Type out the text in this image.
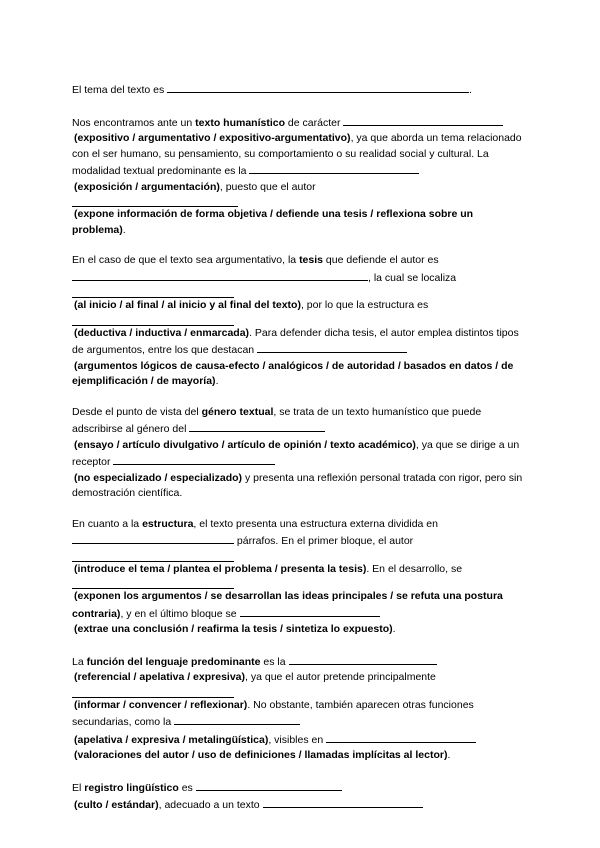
El tema del texto es	.

Nos encontramos ante un texto humanístico de carácter
(expositivo / argumentativo / expositivo-argumentativo), ya que aborda un tema relacionado con el ser humano, su pensamiento, su comportamiento o su realidad social y cultural. La modalidad textual predominante es la
(exposición / argumentación), puesto que el autor
(expone información de forma objetiva / defiende una tesis / reflexiona sobre un problema).

En el caso de que el texto sea argumentativo, la tesis que defiende el autor es
, la cual se localiza
(al inicio / al final / al inicio y al final del texto), por lo que la estructura es
(deductiva / inductiva / enmarcada). Para defender dicha tesis, el autor emplea distintos tipos de argumentos, entre los que destacan
(argumentos lógicos de causa-efecto / analógicos / de autoridad / basados en datos / de ejemplificación / de mayoría).

Desde el punto de vista del género textual, se trata de un texto humanístico que puede adscribirse al género del
(ensayo / artículo divulgativo / artículo de opinión / texto académico), ya que se dirige a un receptor
(no especializado / especializado) y presenta una reflexión personal tratada con rigor, pero sin demostración científica.

En cuanto a la estructura, el texto presenta una estructura externa dividida en
párrafos. En el primer bloque, el autor
(introduce el tema / plantea el problema / presenta la tesis). En el desarrollo, se
(exponen los argumentos / se desarrollan las ideas principales / se refuta una postura contraria), y en el último bloque se
(extrae una conclusión / reafirma la tesis / sintetiza lo expuesto).

La función del lenguaje predominante es la
(referencial / apelativa / expresiva), ya que el autor pretende principalmente
(informar / convencer / reflexionar). No obstante, también aparecen otras funciones secundarias, como la
(apelativa / expresiva / metalingüística), visibles en
(valoraciones del autor / uso de definiciones / llamadas implícitas al lector).

El registro lingüístico es
(culto / estándar), adecuado a un texto
